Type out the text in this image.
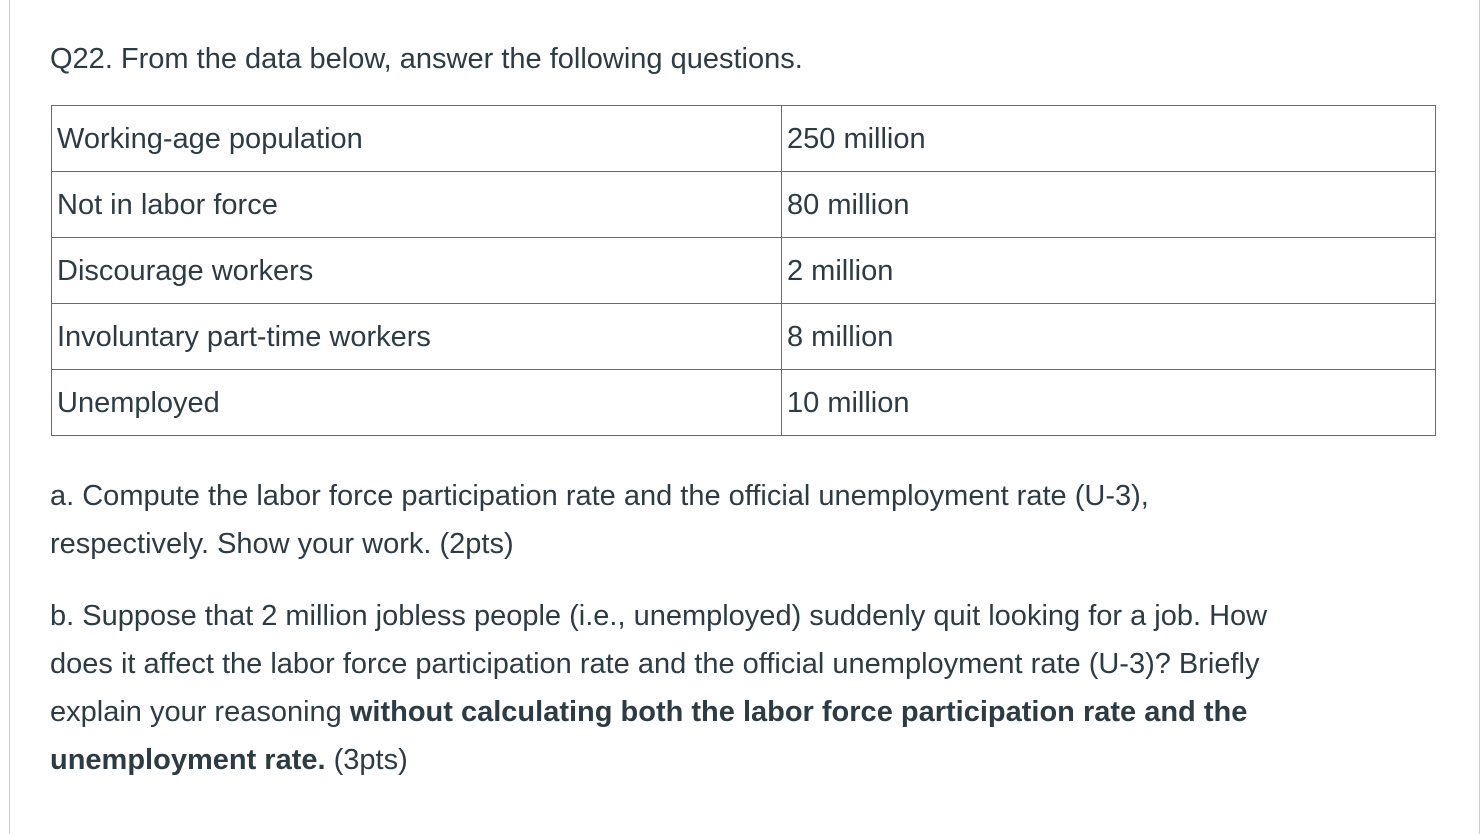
Q22. From the data below, answer the following questions.
Working-age population	250 million
Not in labor force	80 million
Discourage workers	2 million
Involuntary part-time workers	8 million
Unemployed	10 million
a. Compute the labor force participation rate and the official unemployment rate (U-3),
respectively. Show your work. (2pts)
b. Suppose that 2 million jobless people (i.e., unemployed) suddenly quit looking for a job. How
does it affect the labor force participation rate and the official unemployment rate (U-3)? Briefly
explain your reasoning without calculating both the labor force participation rate and the
unemployment rate. (3pts)
